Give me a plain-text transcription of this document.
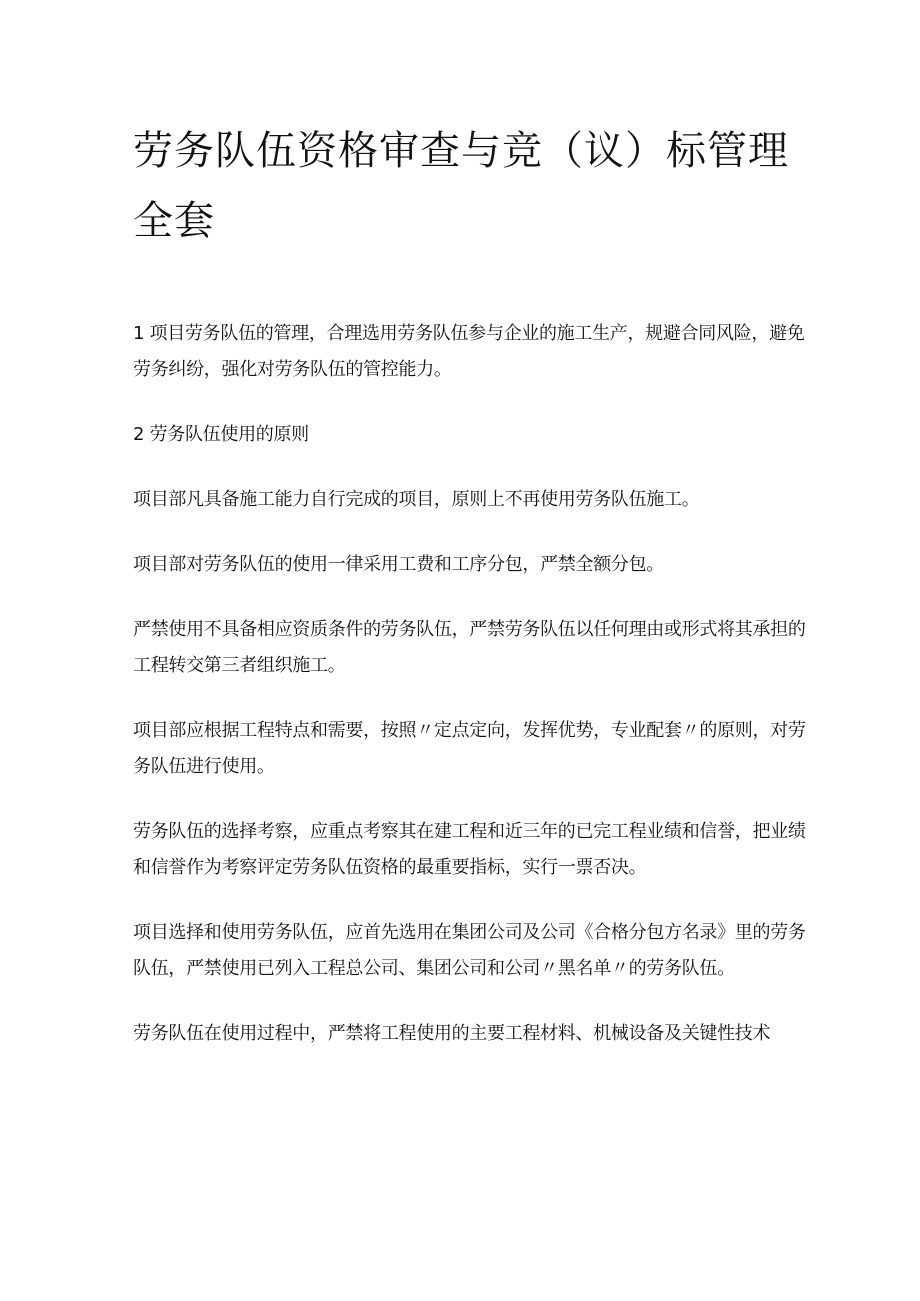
劳务队伍资格审查与竞（议）标管理全套

1 项目劳务队伍的管理，合理选用劳务队伍参与企业的施工生产，规避合同风险，避免劳务纠纷，强化对劳务队伍的管控能力。

2 劳务队伍使用的原则

项目部凡具备施工能力自行完成的项目，原则上不再使用劳务队伍施工。

项目部对劳务队伍的使用一律采用工费和工序分包，严禁全额分包。

严禁使用不具备相应资质条件的劳务队伍，严禁劳务队伍以任何理由或形式将其承担的工程转交第三者组织施工。

项目部应根据工程特点和需要，按照〃定点定向，发挥优势，专业配套〃的原则，对劳务队伍进行使用。

劳务队伍的选择考察，应重点考察其在建工程和近三年的已完工程业绩和信誉，把业绩和信誉作为考察评定劳务队伍资格的最重要指标，实行一票否决。

项目选择和使用劳务队伍，应首先选用在集团公司及公司《合格分包方名录》里的劳务队伍，严禁使用已列入工程总公司、集团公司和公司〃黑名单〃的劳务队伍。

劳务队伍在使用过程中，严禁将工程使用的主要工程材料、机械设备及关键性技术
